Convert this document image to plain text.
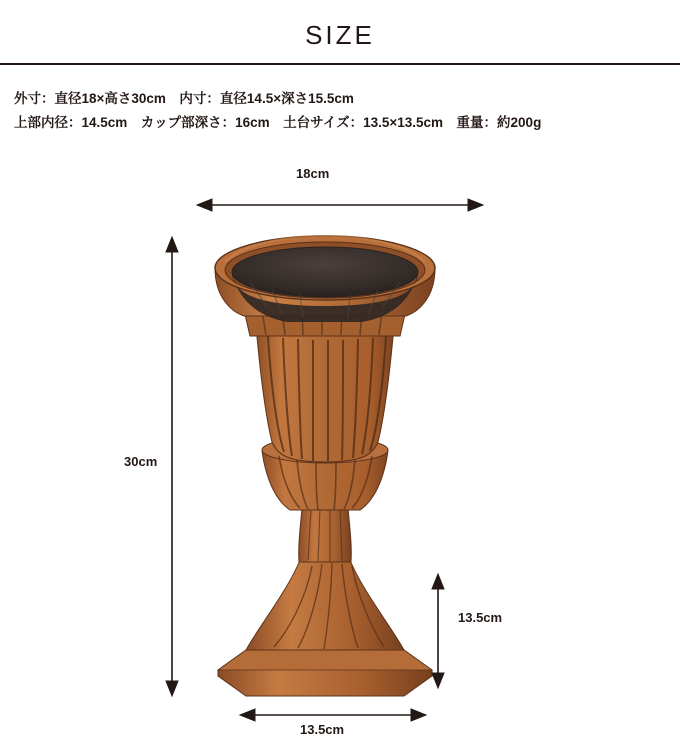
SIZE
外寸：直径18×高さ30cm　内寸：直径14.5×深さ15.5cm
上部内径：14.5cm　カップ部深さ：16cm　土台サイズ：13.5×13.5cm　重量：約200g
18cm
30cm
13.5cm
13.5cm
